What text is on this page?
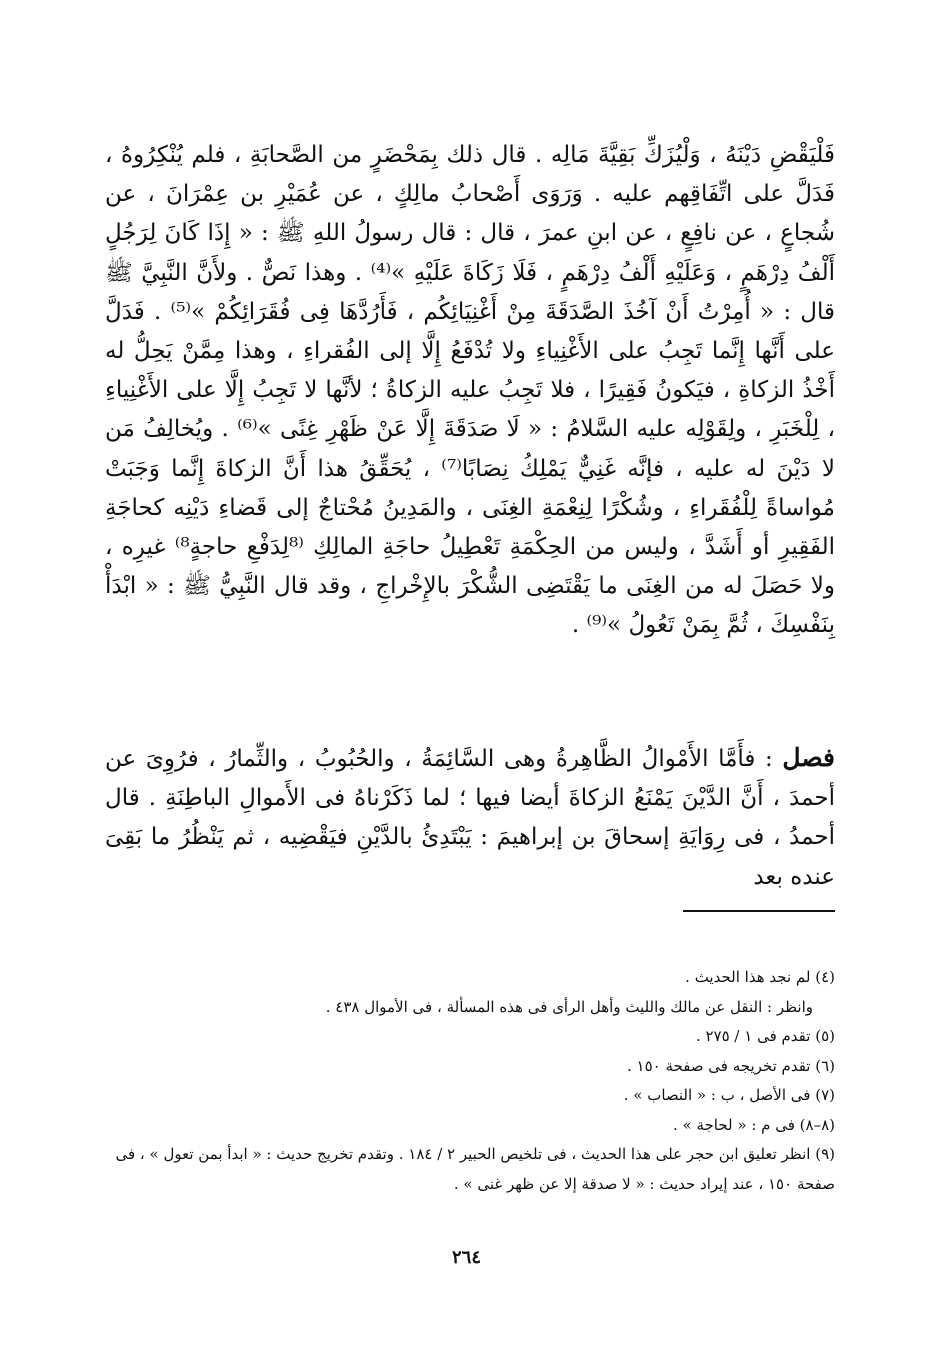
فَلْيَقْضِ دَيْنَهُ ، وَلْيُزَكِّ بَقِيَّةَ مَالِه . قال ذلك بِمَحْضَرٍ من الصَّحابَةِ ، فلم يُنْكِرُوهُ ، فَدَلَّ على اتِّفَاقِهم عليه . وَرَوَى أَصْحابُ مالِكٍ ، عن عُمَيْرِ بن عِمْرَانَ ، عن شُجاعٍ ، عن نافِعٍ ، عن ابنِ عمرَ ، قال : قال رسولُ اللهِ ﷺ : « إِذَا كَانَ لِرَجُلٍ أَلْفُ دِرْهَمٍ ، وَعَلَيْهِ أَلْفُ دِرْهَمٍ ، فَلَا زَكَاةَ عَلَيْهِ »⁽⁴⁾ . وهذا نَصٌّ . ولأَنَّ النَّبِيَّ ﷺ قال : « أُمِرْتُ أَنْ آخُذَ الصَّدَقَةَ مِنْ أَغْنِيَائِكُم ، فَأَرُدَّهَا فِى فُقَرَائِكُمْ »⁽⁵⁾ . فَدَلَّ على أَنَّها إِنَّما تَجِبُ على الأَغْنِياءِ ولا تُدْفَعُ إِلَّا إلى الفُقراءِ ، وهذا مِمَّنْ يَحِلُّ له أَخْذُ الزكاةِ ، فيَكونُ فَقِيرًا ، فلا تَجِبُ عليه الزكاةُ ؛ لأنَّها لا تَجِبُ إِلَّا على الأَغْنِياءِ ، لِلْخَبَرِ ، ولِقَوْلِه عليه السَّلامُ : « لَا صَدَقَةَ إِلَّا عَنْ ظَهْرِ غِنًى »⁽⁶⁾ . ويُخالِفُ مَن لا دَيْنَ له عليه ، فإنَّه غَنِيٌّ يَمْلِكُ نِصَابًا⁽⁷⁾ ، يُحَقِّقُ هذا أَنَّ الزكاةَ إِنَّما وَجَبَتْ مُواساةً لِلْفُقَراءِ ، وشُكْرًا لِنِعْمَةِ الغِنَى ، والمَدِينُ مُحْتاجٌ إلى قَضاءِ دَيْنِه كحاجَةِ الفَقِيرِ أو أَشَدَّ ، وليس من الحِكْمَةِ تَعْطِيلُ حاجَةِ المالِكِ ⁽⁸لِدَفْعِ حاجةٍ⁸⁾ غيرِه ، ولا حَصَلَ له من الغِنَى ما يَقْتَضِى الشُّكْرَ بالإِخْراجِ ، وقد قال النَّبِيُّ ﷺ : « ابْدَأْ بِنَفْسِكَ ، ثُمَّ بِمَنْ تَعُولُ »⁽⁹⁾ .
فصل : فأَمَّا الأَمْوالُ الظَّاهِرةُ وهى السَّائِمَةُ ، والحُبُوبُ ، والثِّمارُ ، فرُوِىَ عن أحمدَ ، أَنَّ الدَّيْنَ يَمْنَعُ الزكاةَ أيضا فيها ؛ لما ذَكَرْناهُ فى الأَموالِ الباطِنَةِ . قال أحمدُ ، فى رِوَايَةِ إسحاقَ بن إبراهيمَ : يَبْتَدِئُ بالدَّيْنِ فيَقْضِيه ، ثم يَنْظُرُ ما بَقِىَ عنده بعد

(٤) لم نجد هذا الحديث .

وانظر : النقل عن مالك والليث وأهل الرأى فى هذه المسألة ، فى الأموال ٤٣٨ .

(٥) تقدم فى ١ / ٢٧٥ .

(٦) تقدم تخريجه فى صفحة ١٥٠ .

(٧) فى الأصل ، ب : « النصاب » .

(٨–٨) فى م : « لحاجة » .

(٩) انظر تعليق ابن حجر على هذا الحديث ، فى تلخيص الحبير ٢ / ١٨٤ . وتقدم تخريج حديث : « ابدأ بمن تعول » ، فى صفحة ١٥٠ ، عند إيراد حديث : « لا صدقة إلا عن ظهر غنى » .

٢٦٤
